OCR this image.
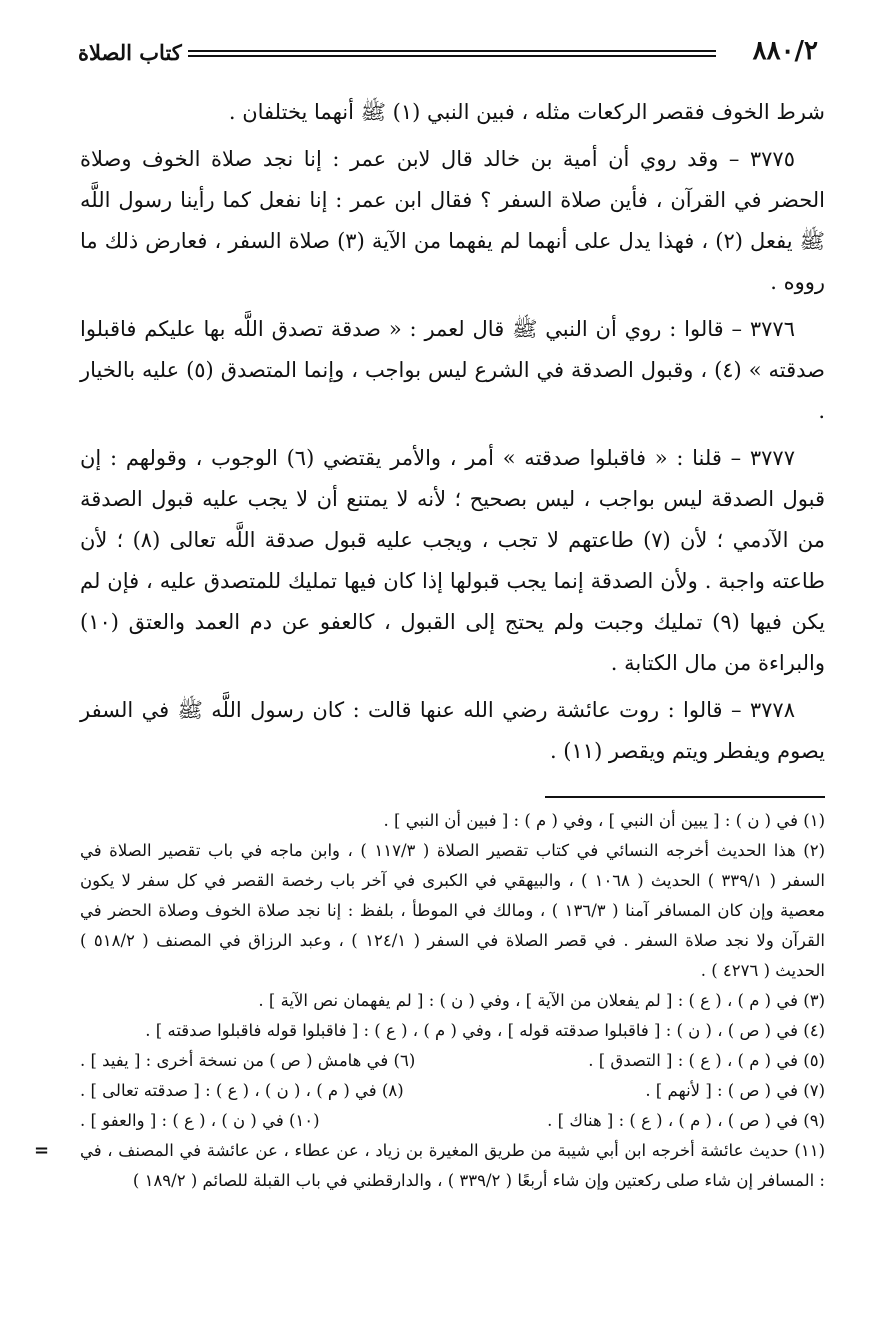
٨٨٠/٢
كتاب الصلاة

شرط الخوف فقصر الركعات مثله ، فبين النبي (١) ﷺ أنهما يختلفان .

٣٧٧٥ – وقد روي أن أمية بن خالد قال لابن عمر : إنا نجد صلاة الخوف وصلاة الحضر في القرآن ، فأين صلاة السفر ؟ فقال ابن عمر : إنا نفعل كما رأينا رسول اللَّه ﷺ يفعل (٢) ، فهذا يدل على أنهما لم يفهما من الآية (٣) صلاة السفر ، فعارض ذلك ما رووه .

٣٧٧٦ – قالوا : روي أن النبي ﷺ قال لعمر : « صدقة تصدق اللَّه بها عليكم فاقبلوا صدقته » (٤) ، وقبول الصدقة في الشرع ليس بواجب ، وإنما المتصدق (٥) عليه بالخيار .

٣٧٧٧ – قلنا : « فاقبلوا صدقته » أمر ، والأمر يقتضي (٦) الوجوب ، وقولهم : إن قبول الصدقة ليس بواجب ، ليس بصحيح ؛ لأنه لا يمتنع أن لا يجب عليه قبول الصدقة من الآدمي ؛ لأن (٧) طاعتهم لا تجب ، ويجب عليه قبول صدقة اللَّه تعالى (٨) ؛ لأن طاعته واجبة . ولأن الصدقة إنما يجب قبولها إذا كان فيها تمليك للمتصدق عليه ، فإن لم يكن فيها (٩) تمليك وجبت ولم يحتج إلى القبول ، كالعفو عن دم العمد والعتق (١٠) والبراءة من مال الكتابة .

٣٧٧٨ – قالوا : روت عائشة رضي الله عنها قالت : كان رسول اللَّه ﷺ في السفر يصوم ويفطر ويتم ويقصر (١١) .

(١) في ( ن ) : [ يبين أن النبي ] ، وفي ( م ) : [ فبين أن النبي ] .

(٢) هذا الحديث أخرجه النسائي في كتاب تقصير الصلاة ( ١١٧/٣ ) ، وابن ماجه في باب تقصير الصلاة في السفر ( ٣٣٩/١ ) الحديث ( ١٠٦٨ ) ، والبيهقي في الكبرى في آخر باب رخصة القصر في كل سفر لا يكون معصية وإن كان المسافر آمنا ( ١٣٦/٣ ) ، ومالك في الموطأ ، بلفظ : إنا نجد صلاة الخوف وصلاة الحضر في القرآن ولا نجد صلاة السفر . في قصر الصلاة في السفر ( ١٢٤/١ ) ، وعبد الرزاق في المصنف ( ٥١٨/٢ ) الحديث ( ٤٢٧٦ ) .

(٣) في ( م ) ، ( ع ) : [ لم يفعلان من الآية ] ، وفي ( ن ) : [ لم يفهمان نص الآية ] .

(٤) في ( ص ) ، ( ن ) : [ فاقبلوا صدقته قوله ] ، وفي ( م ) ، ( ع ) : [ فاقبلوا قوله فاقبلوا صدقته ] .

(٥) في ( م ) ، ( ع ) : [ التصدق ] .
(٦) في هامش ( ص ) من نسخة أخرى : [ يفيد ] .
(٧) في ( ص ) : [ لأنهم ] .
(٨) في ( م ) ، ( ن ) ، ( ع ) : [ صدقته تعالى ] .
(٩) في ( ص ) ، ( م ) ، ( ع ) : [ هناك ] .
(١٠) في ( ن ) ، ( ع ) : [ والعفو ] .

(١١) حديث عائشة أخرجه ابن أبي شيبة من طريق المغيرة بن زياد ، عن عطاء ، عن عائشة في المصنف ، في : المسافر إن شاء صلى ركعتين وإن شاء أربعًا ( ٣٣٩/٢ ) ، والدارقطني في باب القبلة للصائم ( ١٨٩/٢ )
=
